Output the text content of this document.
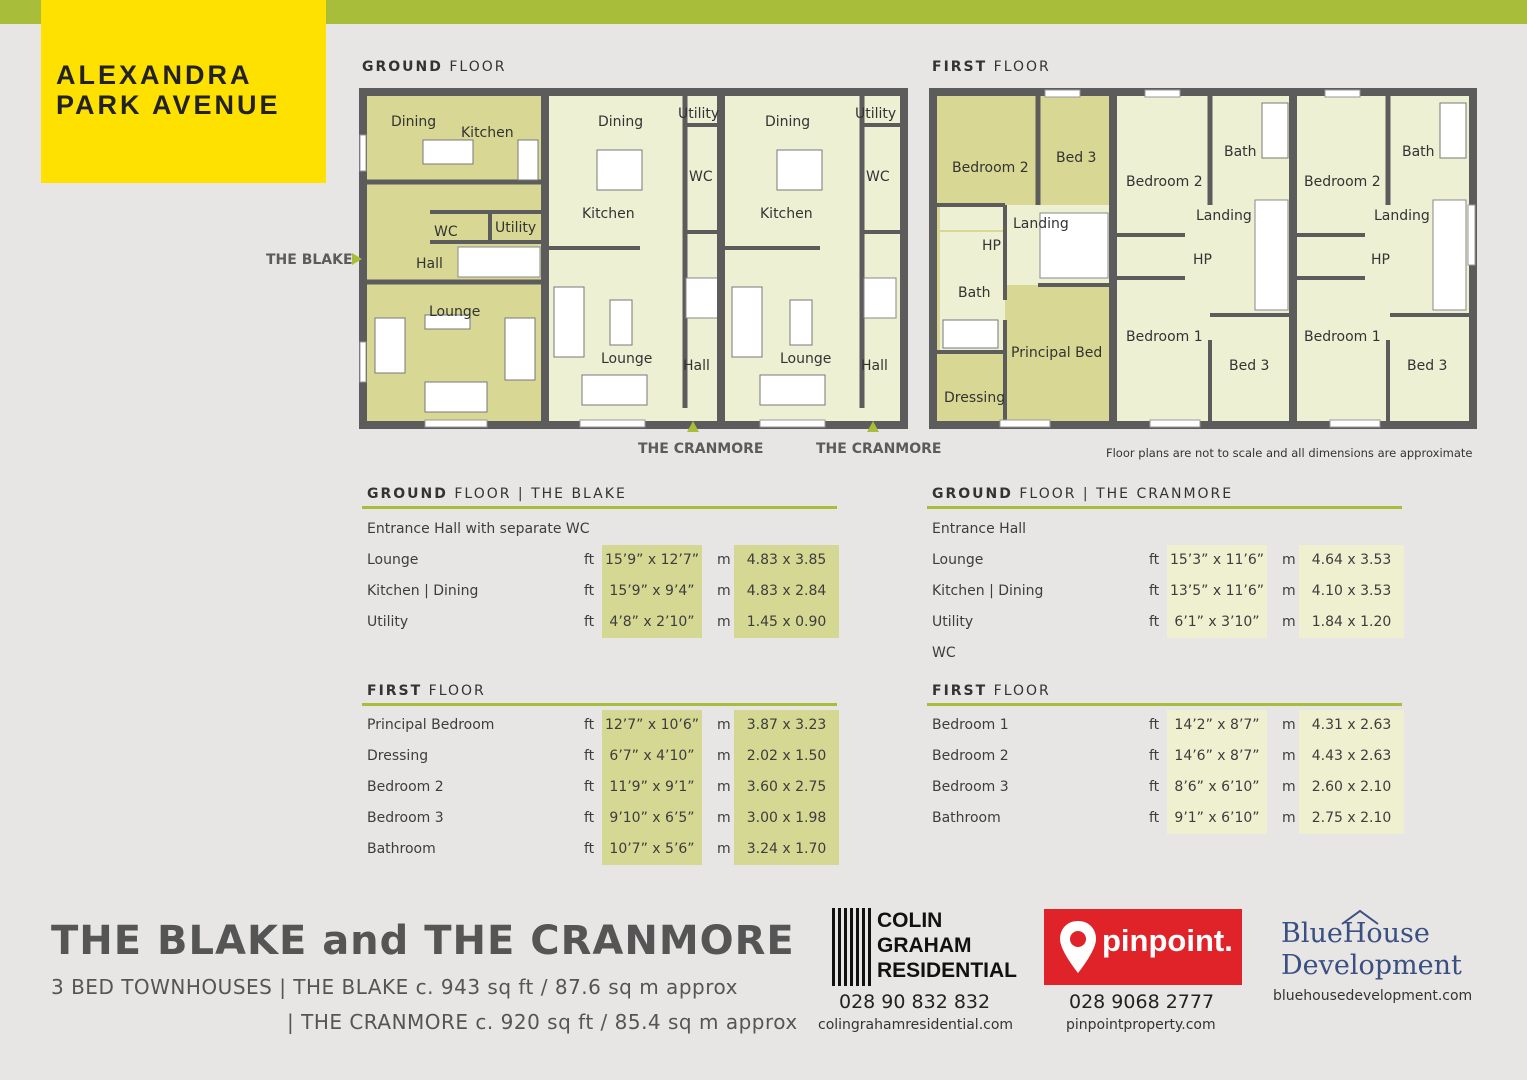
ALEXANDRA
PARK AVENUE
GROUND FLOOR	FIRST FLOOR
Dining
Kitchen
WC	Utility
Hall
Lounge
Dining Utility
WC
Kitchen
Lounge Hall
Dining	Utility
WC
Kitchen
Lounge Hall
Bedroom 2
Bed 3
Landing
HP
Bath
Principal Bed
Dressing
Bedroom 2
Bath
Landing
HP
Bedroom 1
Bed 3
Bedroom 2
Bath
Landing
HP
Bedroom 1
Bed 3
THE BLAKE
THE CRANMORE	THE CRANMORE	Floor plans are not to scale and all dimensions are approximate
GROUND FLOOR | THE BLAKE
Entrance Hall with separate WC
Lounge	ft 15’9” x 12’7” m	4.83 x 3.85
Kitchen | Dining	ft	15’9” x 9’4”	m	4.83 x 2.84
Utility	ft	4’8” x 2’10”	m	1.45 x 0.90
FIRST FLOOR
Principal Bedroom	ft 12’7” x 10’6” m	3.87 x 3.23
Dressing	ft	6’7” x 4’10”	m	2.02 x 1.50
Bedroom 2	ft	11’9” x 9’1”	m	3.60 x 2.75
Bedroom 3	ft	9’10” x 6’5”	m	3.00 x 1.98
Bathroom	ft	10’7” x 5’6”	m	3.24 x 1.70
GROUND FLOOR | THE CRANMORE
Entrance Hall
Lounge	ft 15’3” x 11’6” m	4.64 x 3.53
Kitchen | Dining	ft 13’5” x 11’6” m	4.10 x 3.53
Utility	ft	6’1” x 3’10”	m	1.84 x 1.20
WC
FIRST FLOOR
Bedroom 1	ft	14’2” x 8’7”	m	4.31 x 2.63
Bedroom 2	ft	14’6” x 8’7”	m	4.43 x 2.63
Bedroom 3	ft	8’6” x 6’10”	m	2.60 x 2.10
Bathroom	ft	9’1” x 6’10”	m	2.75 x 2.10
THE BLAKE and THE CRANMORE
3 BED TOWNHOUSES | THE BLAKE c. 943 sq ft / 87.6 sq m approx
| THE CRANMORE c. 920 sq ft / 85.4 sq m approx
COLIN
GRAHAM
RESIDENTIAL
028 90 832 832
colingrahamresidential.com
pinpoint.
028 9068 2777
pinpointproperty.com
BlueHouse
Development
bluehousedevelopment.com
